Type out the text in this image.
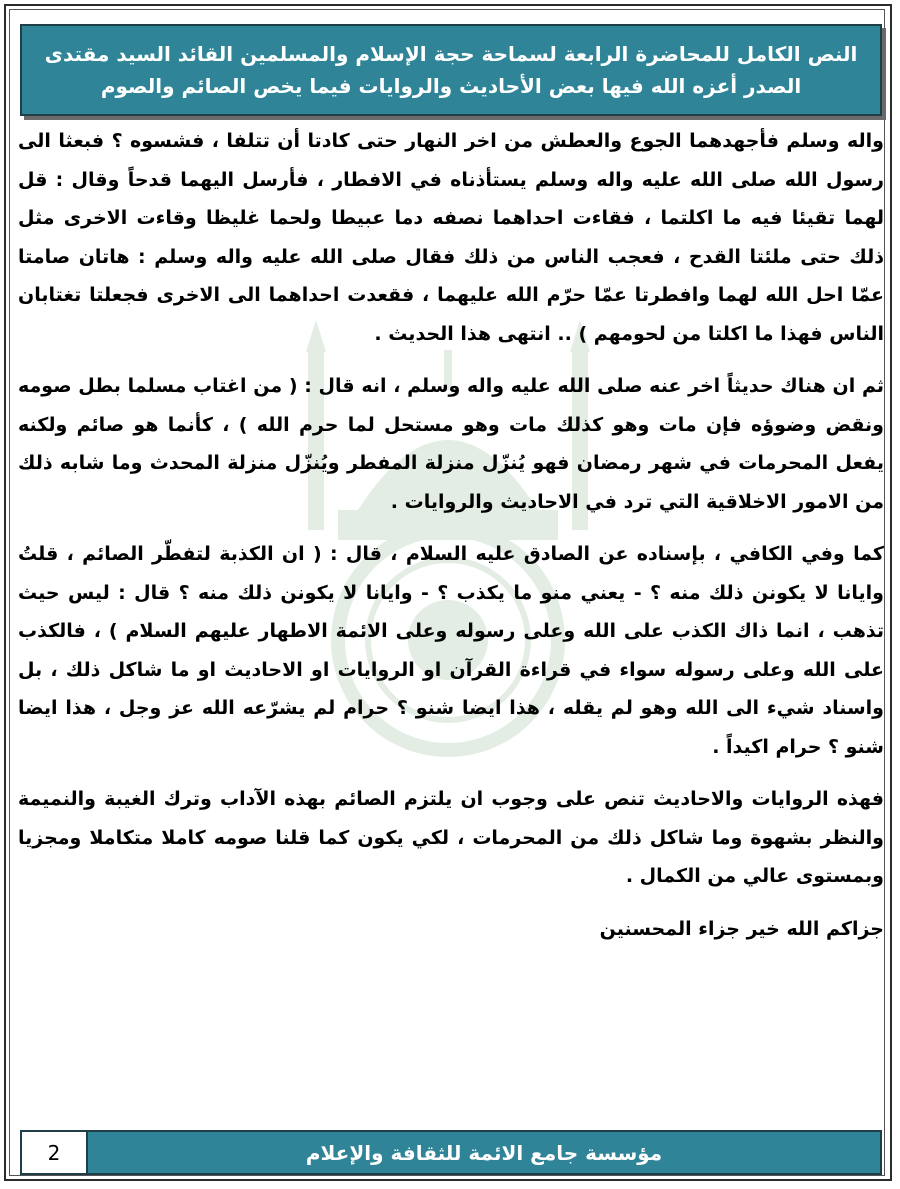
النص الكامل للمحاضرة الرابعة لسماحة حجة الإسلام والمسلمين القائد السيد مقتدى
الصدر أعزه الله فيها بعض الأحاديث والروايات فيما يخص الصائم والصوم

واله وسلم فأجهدهما الجوع والعطش من اخر النهار حتى كادتا أن تتلفا ، فشسوه ؟ فبعثا الى رسول الله صلى الله عليه واله وسلم يستأذناه في الافطار ، فأرسل اليهما قدحاً وقال : قل لهما تقيئا فيه ما اكلتما ، فقاءت احداهما نصفه دما عبيطا ولحما غليظا وقاءت الاخرى مثل ذلك حتى ملئتا القدح ، فعجب الناس من ذلك فقال صلى الله عليه واله وسلم : هاتان صامتا عمّا احل الله لهما وافطرتا عمّا حرّم الله عليهما ، فقعدت احداهما الى الاخرى فجعلتا تغتابان الناس فهذا ما اكلتا من لحومهم ) .. انتهى هذا الحديث .

ثم ان هناك حديثاً اخر عنه صلى الله عليه واله وسلم ، انه قال : ( من اغتاب مسلما بطل صومه ونقض وضوؤه فإن مات وهو كذلك مات وهو مستحل لما حرم الله ) ، كأنما هو صائم ولكنه يفعل المحرمات في شهر رمضان فهو يُنزّل منزلة المفطر ويُنزّل منزلة المحدث وما شابه ذلك من الامور الاخلاقية التي ترد في الاحاديث والروايات .

كما وفي الكافي ، بإسناده عن الصادق عليه السلام ، قال : ( ان الكذبة لتفطّر الصائم ، قلتُ وايانا لا يكونن ذلك منه ؟ - يعني منو ما يكذب ؟ - وايانا لا يكونن ذلك منه ؟ قال : ليس حيث تذهب ، انما ذاك الكذب على الله وعلى رسوله وعلى الائمة الاطهار عليهم السلام ) ، فالكذب على الله وعلى رسوله سواء في قراءة القرآن او الروايات او الاحاديث او ما شاكل ذلك ، بل واسناد شيء الى الله وهو لم يقله ، هذا ايضا شنو ؟ حرام لم يشرّعه الله عز وجل ، هذا ايضا شنو ؟ حرام اكيداً .

فهذه الروايات والاحاديث تنص على وجوب ان يلتزم الصائم بهذه الآداب وترك الغيبة والنميمة والنظر بشهوة وما شاكل ذلك من المحرمات ، لكي يكون كما قلنا صومه كاملا متكاملا ومجزيا وبمستوى عالي من الكمال .

جزاكم الله خير جزاء المحسنين

2	مؤسسة جامع الائمة للثقافة والإعلام
